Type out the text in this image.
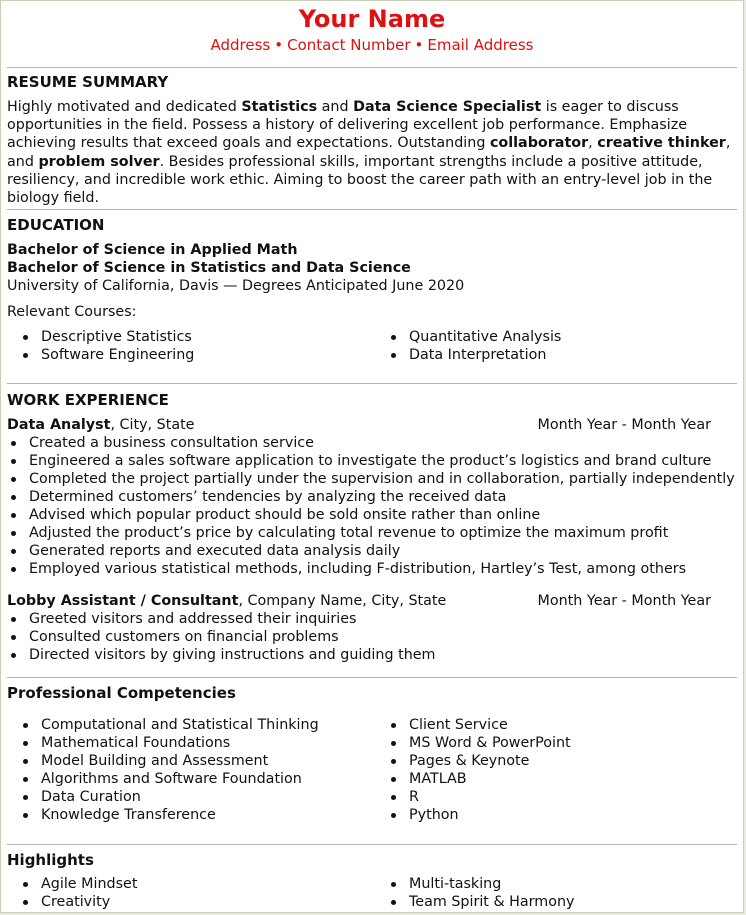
Your Name
Address • Contact Number • Email Address
RESUME SUMMARY
Highly motivated and dedicated Statistics and Data Science Specialist is eager to discuss opportunities in the field. Possess a history of delivering excellent job performance. Emphasize achieving results that exceed goals and expectations. Outstanding collaborator, creative thinker, and problem solver. Besides professional skills, important strengths include a positive attitude, resiliency, and incredible work ethic. Aiming to boost the career path with an entry-level job in the biology field.
EDUCATION
Bachelor of Science in Applied Math
Bachelor of Science in Statistics and Data Science
University of California, Davis — Degrees Anticipated June 2020
Relevant Courses:
Descriptive Statistics
Software Engineering
Quantitative Analysis
Data Interpretation
WORK EXPERIENCE
Data Analyst, City, State	Month Year - Month Year
Created a business consultation service
Engineered a sales software application to investigate the product’s logistics and brand culture
Completed the project partially under the supervision and in collaboration, partially independently
Determined customers’ tendencies by analyzing the received data
Advised which popular product should be sold onsite rather than online
Adjusted the product’s price by calculating total revenue to optimize the maximum profit
Generated reports and executed data analysis daily
Employed various statistical methods, including F-distribution, Hartley’s Test, among others
Lobby Assistant / Consultant, Company Name, City, State	Month Year - Month Year
Greeted visitors and addressed their inquiries
Consulted customers on financial problems
Directed visitors by giving instructions and guiding them
Professional Competencies
Computational and Statistical Thinking
Mathematical Foundations
Model Building and Assessment
Algorithms and Software Foundation
Data Curation
Knowledge Transference
Client Service
MS Word & PowerPoint
Pages & Keynote
MATLAB
R
Python
Highlights
Agile Mindset
Creativity
Multi-tasking
Team Spirit & Harmony
